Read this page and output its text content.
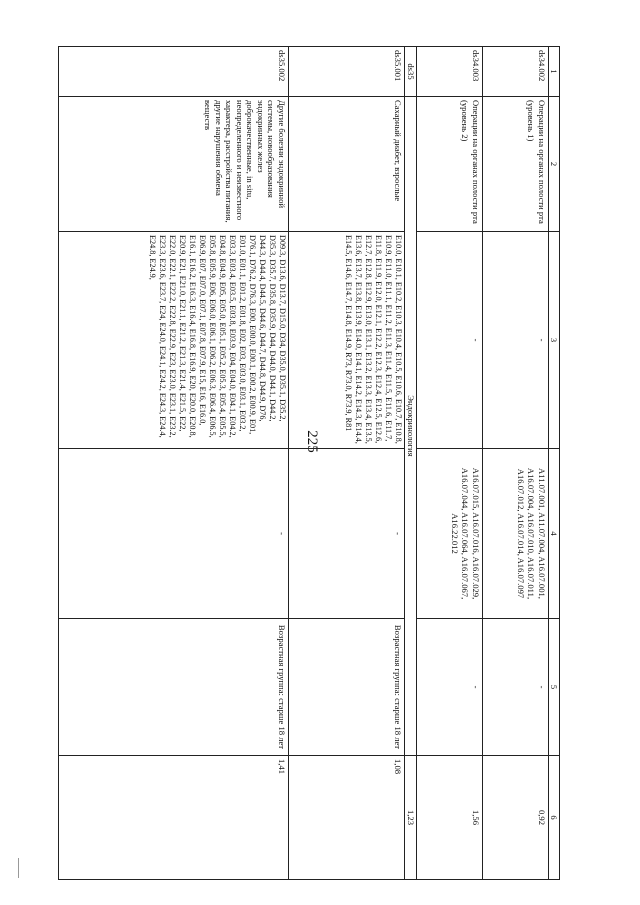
225
1	2	3	4	5	6
ds34.002	Операции на органах полости рта (уровень 1)	-	A11.07.001, A11.07.004, A16.07.001, A16.07.004, A16.07.010, A16.07.011, A16.07.012, A16.07.014, A16.07.097	-	0,92
ds34.003	Операции на органах полости рта (уровень 2)	-	A16.07.015, A16.07.016, A16.07.029, A16.07.044, A16.07.064, A16.07.067, A16.22.012	-	1,56
ds35	Эндокринология				1,23
ds35.001	Сахарный диабет, взрослые	E10.0, E10.1, E10.2, E10.3, E10.4, E10.5, E10.6, E10.7, E10.8, E10.9, E11.0, E11.1, E11.2, E11.3, E11.4, E11.5, E11.6, E11.7, E11.8, E11.9, E12.0, E12.1, E12.2, E12.3, E12.4, E12.5, E12.6, E12.7, E12.8, E12.9, E13.0, E13.1, E13.2, E13.3, E13.4, E13.5, E13.6, E13.7, E13.8, E13.9, E14.0, E14.1, E14.2, E14.3, E14.4, E14.5, E14.6, E14.7, E14.8, E14.9, R73, R73.0, R73.9, R81	-	Возрастная группа: старше 18 лет	1,08
ds35.002	Другие болезни эндокринной системы, новообразования эндокринных желез доброкачественные, in situ, неопределенного и неизвестного характера, расстройства питания, другие нарушения обмена веществ	D09.3, D13.6, D13.7, D15.0, D34, D35.0, D35.1, D35.2, D35.3, D35.7, D35.8, D35.9, D44, D44.0, D44.1, D44.2, D44.3, D44.4, D44.5, D44.6, D44.7, D44.8, D44.9, D76, D76.1, D76.2, D76.3, E00, E00.0, E00.1, E00.2, E00.9, E01, E01.0, E01.1, E01.2, E01.8, E02, E03, E03.0, E03.1, E03.2, E03.3, E03.4, E03.5, E03.8, E03.9, E04, E04.0, E04.1, E04.2, E04.8, E04.9, E05, E05.0, E05.1, E05.2, E05.3, E05.4, E05.5, E05.8, E05.9, E06, E06.0, E06.1, E06.2, E06.3, E06.4, E06.5, E06.9, E07, E07.0, E07.1, E07.8, E07.9, E15, E16, E16.0, E16.1, E16.2, E16.3, E16.4, E16.8, E16.9, E20, E20.0, E20.8, E20.9, E21, E21.0, E21.1, E21.2, E21.3, E21.4, E21.5, E22, E22.0, E22.1, E22.2, E22.8, E22.9, E23, E23.0, E23.1, E23.2, E23.3, E23.6, E23.7, E24, E24.0, E24.1, E24.2, E24.3, E24.4, E24.8, E24.9,	-	Возрастная группа: старше 18 лет	1,41
